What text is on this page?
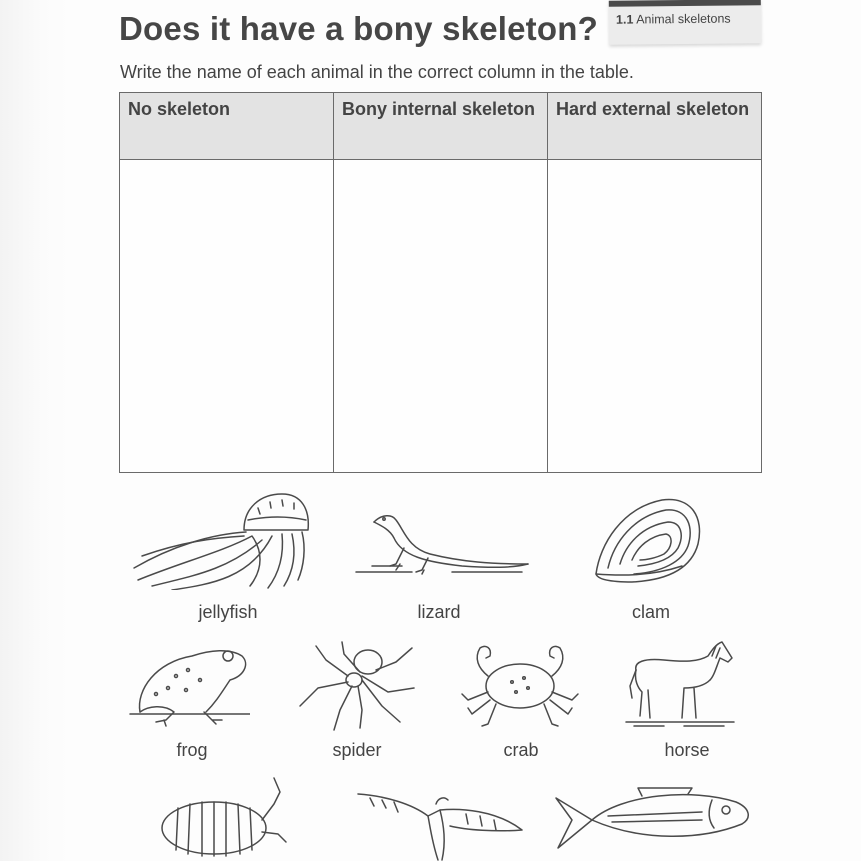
Does it have a bony skeleton? 1.1 Animal skeletons

Write the name of each animal in the correct column in the table.

No skeleton	Bony internal skeleton	Hard external skeleton

jellyfish	lizard	clam
frog	spider	crab	horse
